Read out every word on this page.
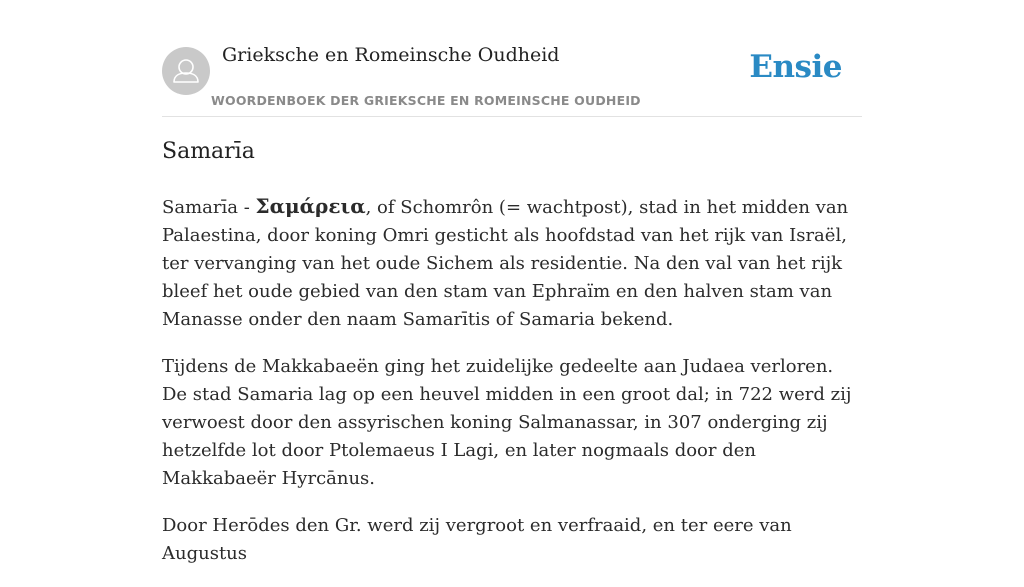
Grieksche en Romeinsche Oudheid
WOORDENBOEK DER GRIEKSCHE EN ROMEINSCHE OUDHEID
Ensie
Samarīa

Samarīa - Σαμάρεια, of Schomrôn (= wachtpost), stad in het midden van Palaestina, door koning Omri gesticht als hoofdstad van het rijk van Israël, ter vervanging van het oude Sichem als residentie. Na den val van het rijk bleef het oude gebied van den stam van Ephraïm en den halven stam van Manasse onder den naam Samarītis of Samaria bekend.

Tijdens de Makkabaeën ging het zuidelijke gedeelte aan Judaea verloren. De stad Samaria lag op een heuvel midden in een groot dal; in 722 werd zij verwoest door den assyrischen koning Salmanassar, in 307 onderging zij hetzelfde lot door Ptolemaeus I Lagi, en later nogmaals door den Makkabaeër Hyrcānus.

Door Herōdes den Gr. werd zij vergroot en verfraaid, en ter eere van Augustus
